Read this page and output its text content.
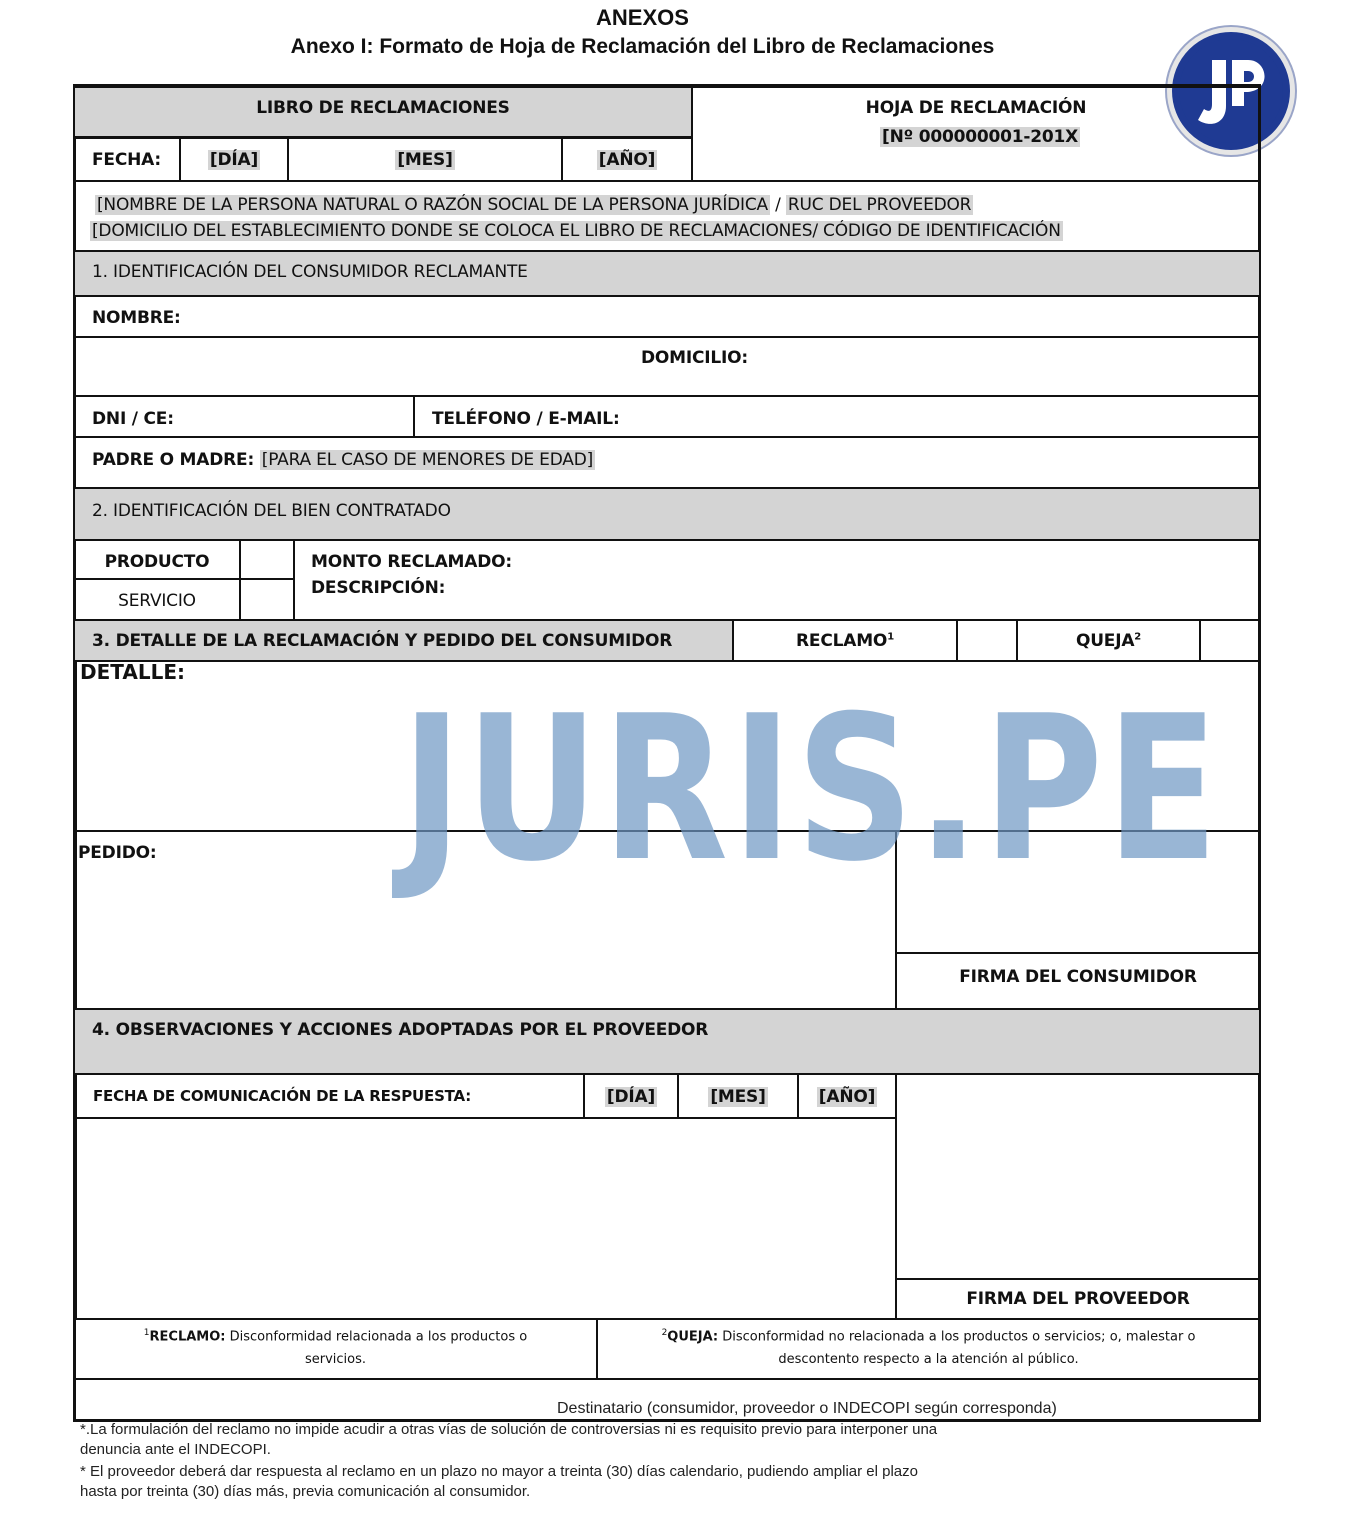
ANEXOS
Anexo I: Formato de Hoja de Reclamación del Libro de Reclamaciones
LIBRO DE RECLAMACIONES	HOJA DE RECLAMACIÓN
[Nº 000000001-201X
FECHA:	[DÍA]	[MES]	[AÑO]
[NOMBRE DE LA PERSONA NATURAL O RAZÓN SOCIAL DE LA PERSONA JURÍDICA / RUC DEL PROVEEDOR
[DOMICILIO DEL ESTABLECIMIENTO DONDE SE COLOCA EL LIBRO DE RECLAMACIONES/ CÓDIGO DE IDENTIFICACIÓN
1. IDENTIFICACIÓN DEL CONSUMIDOR RECLAMANTE
NOMBRE:
DOMICILIO:
DNI / CE:	TELÉFONO / E-MAIL:
PADRE O MADRE: [PARA EL CASO DE MENORES DE EDAD]
2. IDENTIFICACIÓN DEL BIEN CONTRATADO
PRODUCTO
SERVICIO
MONTO RECLAMADO:
DESCRIPCIÓN:
3. DETALLE DE LA RECLAMACIÓN Y PEDIDO DEL CONSUMIDOR	RECLAMO$^1$	QUEJA$^2$
DETALLE:
PEDIDO:
FIRMA DEL CONSUMIDOR
4. OBSERVACIONES Y ACCIONES ADOPTADAS POR EL PROVEEDOR
FECHA DE COMUNICACIÓN DE LA RESPUESTA:	[DÍA]	[MES]	[AÑO]
FIRMA DEL PROVEEDOR
$^1$RECLAMO: Disconformidad relacionada a los productos o
servicios.
$^2$QUEJA: Disconformidad no relacionada a los productos o servicios; o, malestar o
descontento respecto a la atención al público.
Destinatario (consumidor, proveedor o INDECOPI según corresponda)
*.La formulación del reclamo no impide acudir a otras vías de solución de controversias ni es requisito previo para interponer una
denuncia ante el INDECOPI.
* El proveedor deberá dar respuesta al reclamo en un plazo no mayor a treinta (30) días calendario, pudiendo ampliar el plazo
hasta por treinta (30) días más, previa comunicación al consumidor.
JURIS.PE
